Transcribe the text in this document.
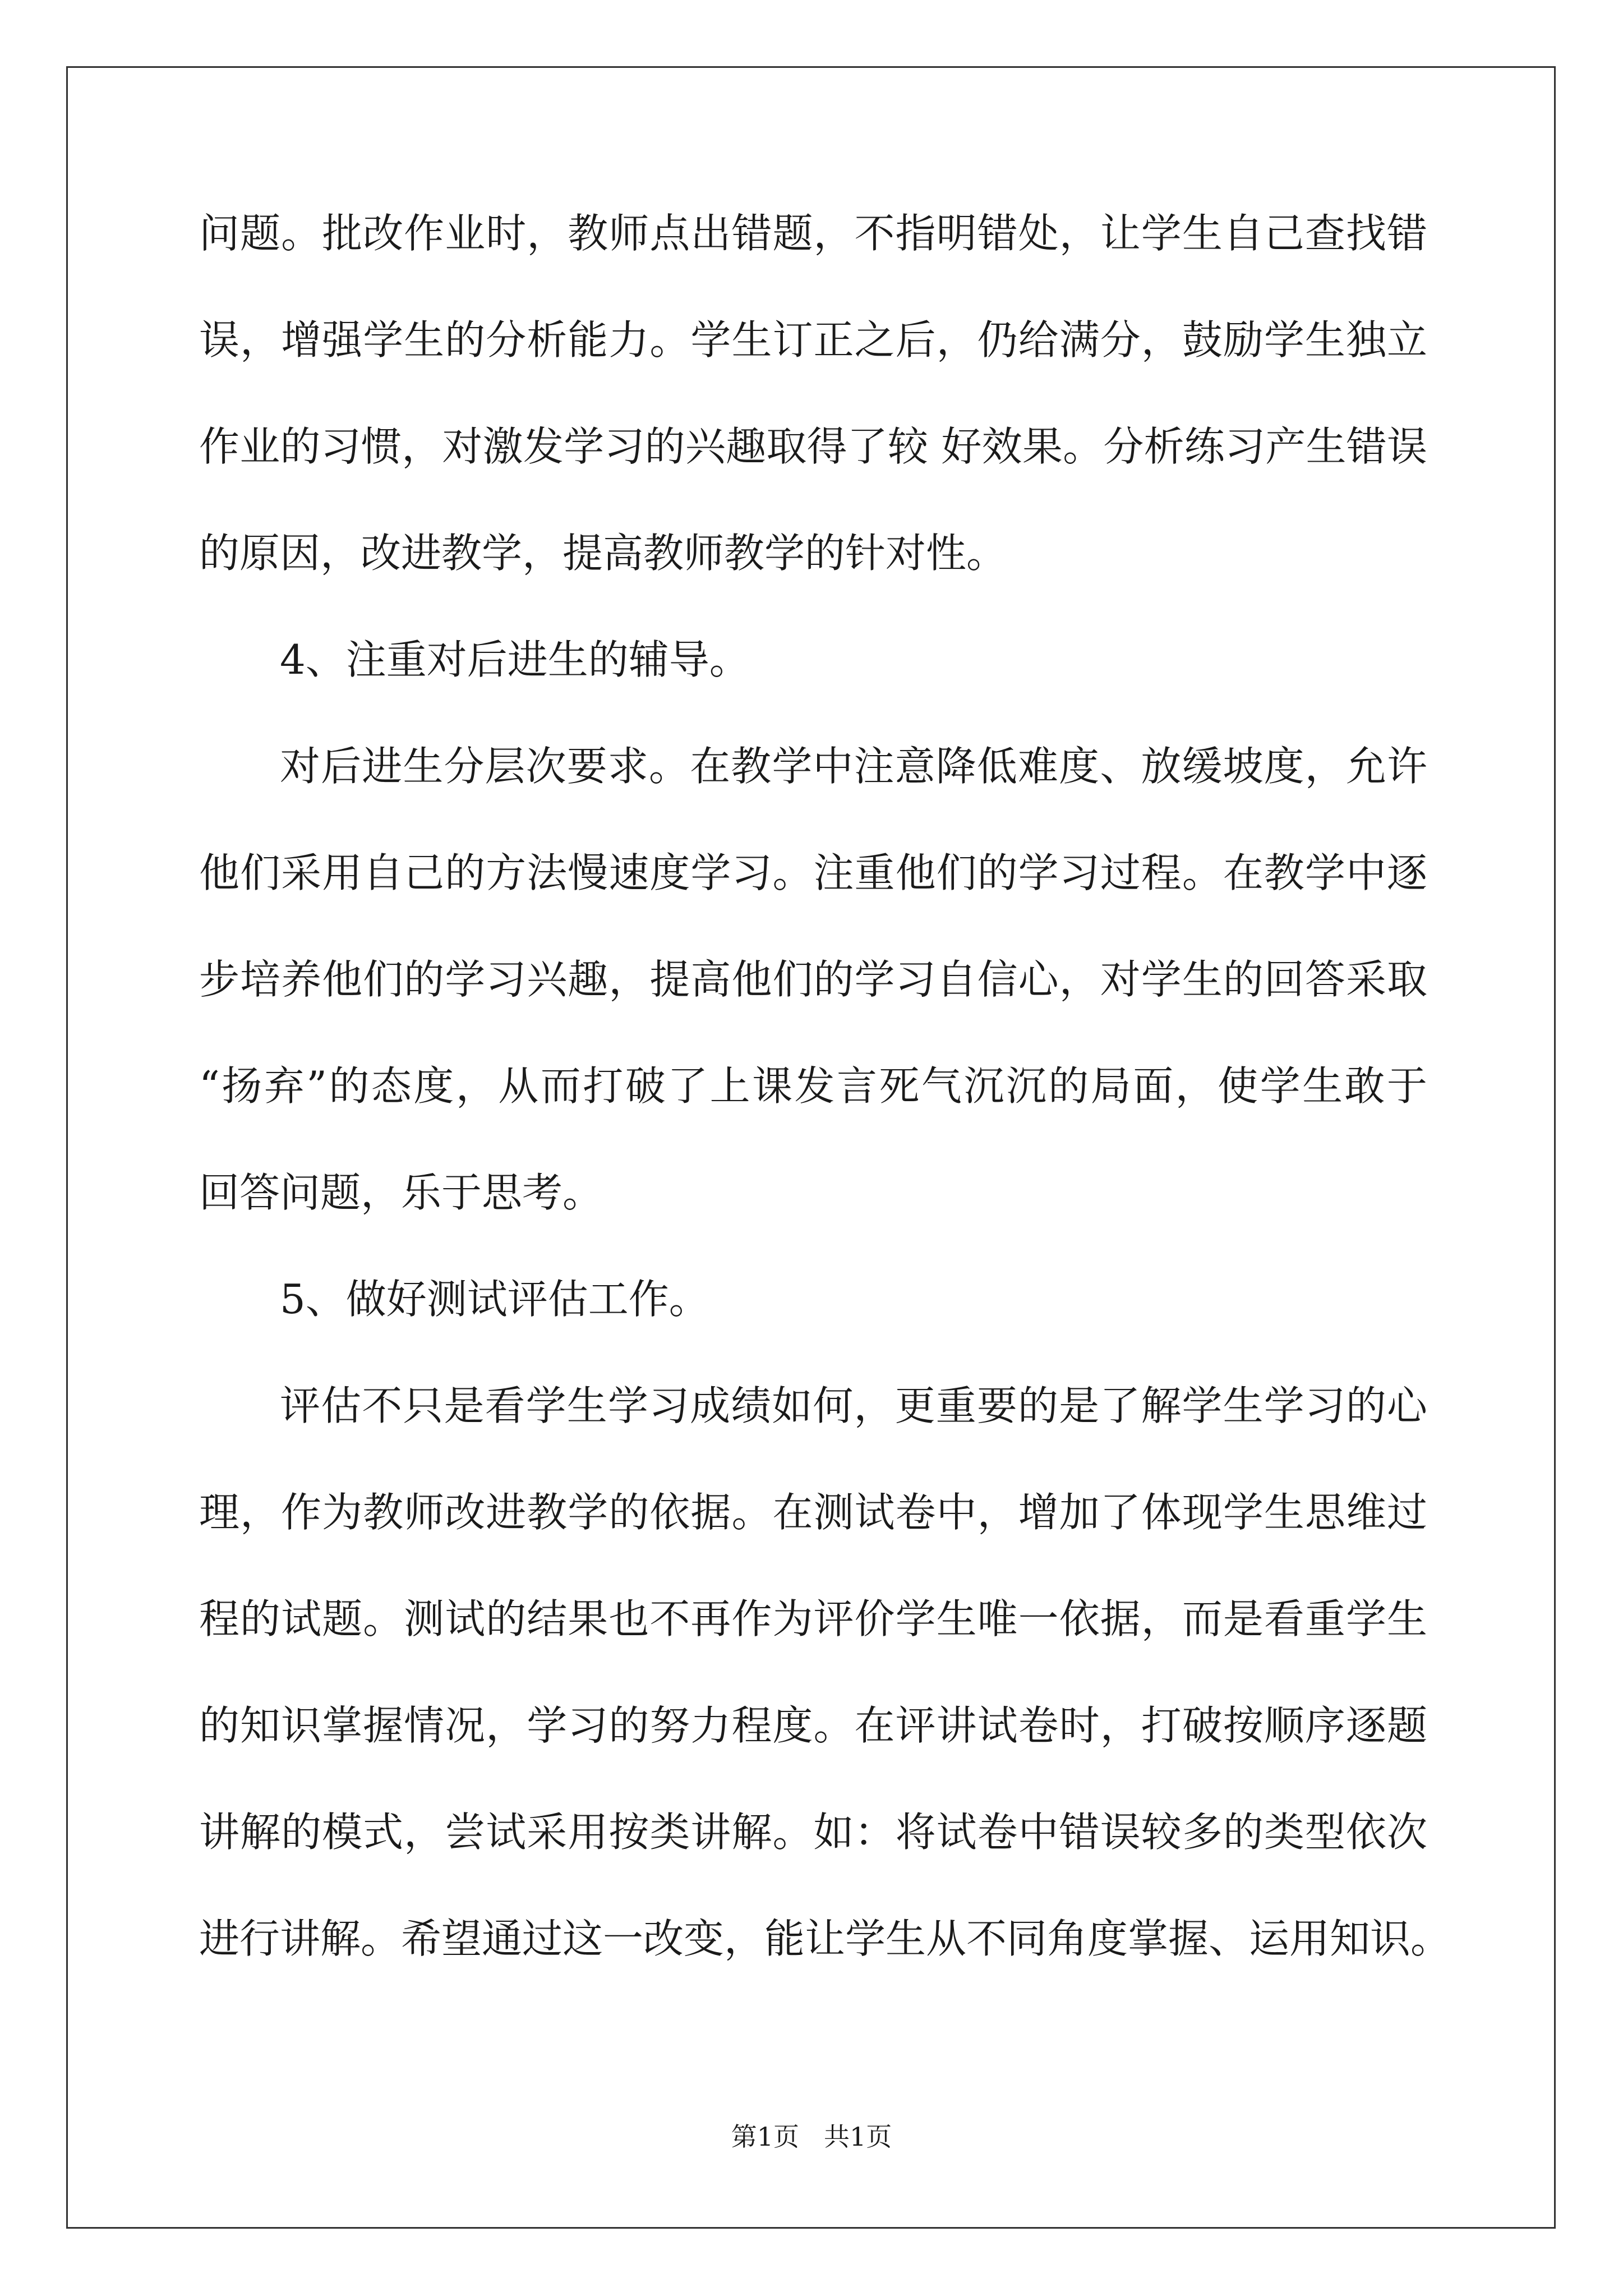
问题。批改作业时，教师点出错题，不指明错处，让学生自己查找错
误，增强学生的分析能力。学生订正之后，仍给满分，鼓励学生独立
作业的习惯，对激发学习的兴趣取得了较 好效果。分析练习产生错误
的原因，改进教学，提高教师教学的针对性。
4、注重对后进生的辅导。
对后进生分层次要求。在教学中注意降低难度、放缓坡度，允许
他们采用自己的方法慢速度学习。注重他们的学习过程。在教学中逐
步培养他们的学习兴趣，提高他们的学习自信心，对学生的回答采取
“扬弃”的态度，从而打破了上课发言死气沉沉的局面，使学生敢于
回答问题，乐于思考。
5、做好测试评估工作。
评估不只是看学生学习成绩如何，更重要的是了解学生学习的心
理，作为教师改进教学的依据。在测试卷中，增加了体现学生思维过
程的试题。测试的结果也不再作为评价学生唯一依据，而是看重学生
的知识掌握情况，学习的努力程度。在评讲试卷时，打破按顺序逐题
讲解的模式，尝试采用按类讲解。如：将试卷中错误较多的类型依次
进行讲解。希望通过这一改变，能让学生从不同角度掌握、运用知识。
第1页 共1页
